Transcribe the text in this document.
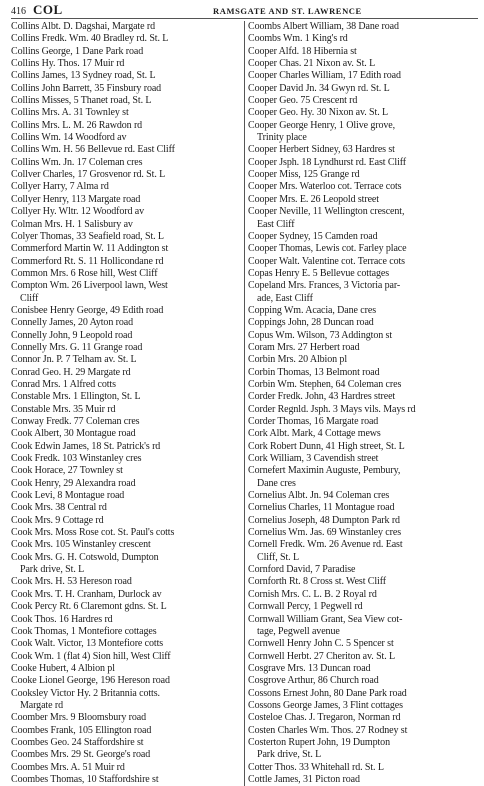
416 COL	RAMSGATE AND ST. LAWRENCE
Collins Albt. D. Dagshai, Margate rd
Collins Fredk. Wm. 40 Bradley rd. St. L
Collins George, 1 Dane Park road
Collins Hy. Thos. 17 Muir rd
Collins James, 13 Sydney road, St. L
Collins John Barrett, 35 Finsbury road
Collins Misses, 5 Thanet road, St. L
Collins Mrs. A. 31 Townley st
Collins Mrs. L. M. 26 Rawdon rd
Collins Wm. 14 Woodford av
Collins Wm. H. 56 Bellevue rd. East Cliff
Collins Wm. Jn. 17 Coleman cres
Collver Charles, 17 Grosvenor rd. St. L
Collyer Harry, 7 Alma rd
Collyer Henry, 113 Margate road
Collyer Hy. Wltr. 12 Woodford av
Colman Mrs. H. 1 Salisbury av
Colyer Thomas, 33 Seafield road, St. L
Commerford Martin W. 11 Addington st
Commerford Rt. S. 11 Hollicondane rd
Common Mrs. 6 Rose hill, West Cliff
Compton Wm. 26 Liverpool lawn, West
Cliff
Conisbee Henry George, 49 Edith road
Connelly James, 20 Ayton road
Connelly John, 9 Leopold road
Connelly Mrs. G. 11 Grange road
Connor Jn. P. 7 Telham av. St. L
Conrad Geo. H. 29 Margate rd
Conrad Mrs. 1 Alfred cotts
Constable Mrs. 1 Ellington, St. L
Constable Mrs. 35 Muir rd
Conway Fredk. 77 Coleman cres
Cook Albert, 30 Montague road
Cook Edwin James, 18 St. Patrick's rd
Cook Fredk. 103 Winstanley cres
Cook Horace, 27 Townley st
Cook Henry, 29 Alexandra road
Cook Levi, 8 Montague road
Cook Mrs. 38 Central rd
Cook Mrs. 9 Cottage rd
Cook Mrs. Moss Rose cot. St. Paul's cotts
Cook Mrs. 105 Winstanley crescent
Cook Mrs. G. H. Cotswold, Dumpton
Park drive, St. L
Cook Mrs. H. 53 Hereson road
Cook Mrs. T. H. Cranham, Durlock av
Cook Percy Rt. 6 Claremont gdns. St. L
Cook Thos. 16 Hardres rd
Cook Thomas, 1 Montefiore cottages
Cook Walt. Victor, 13 Montefiore cotts
Cook Wm. 1 (flat 4) Sion hill, West Cliff
Cooke Hubert, 4 Albion pl
Cooke Lionel George, 196 Hereson road
Cooksley Victor Hy. 2 Britannia cotts.
Margate rd
Coomber Mrs. 9 Bloomsbury road
Coombes Frank, 105 Ellington road
Coombes Geo. 24 Staffordshire st
Coombes Mrs. 29 St. George's road
Coombes Mrs. A. 51 Muir rd
Coombes Thomas, 10 Staffordshire st
Coombs Albert William, 38 Dane road
Coombs Wm. 1 King's rd
Cooper Alfd. 18 Hibernia st
Cooper Chas. 21 Nixon av. St. L
Cooper Charles William, 17 Edith road
Cooper David Jn. 34 Gwyn rd. St. L
Cooper Geo. 75 Crescent rd
Cooper Geo. Hy. 30 Nixon av. St. L
Cooper George Henry, 1 Olive grove,
Trinity place
Cooper Herbert Sidney, 63 Hardres st
Cooper Jsph. 18 Lyndhurst rd. East Cliff
Cooper Miss, 125 Grange rd
Cooper Mrs. Waterloo cot. Terrace cots
Cooper Mrs. E. 26 Leopold street
Cooper Neville, 11 Wellington crescent,
East Cliff
Cooper Sydney, 15 Camden road
Cooper Thomas, Lewis cot. Farley place
Cooper Walt. Valentine cot. Terrace cots
Copas Henry E. 5 Bellevue cottages
Copeland Mrs. Frances, 3 Victoria par-
ade, East Cliff
Copping Wm. Acacia, Dane cres
Coppings John, 28 Duncan road
Copus Wm. Wilson, 73 Addington st
Coram Mrs. 27 Herbert road
Corbin Mrs. 20 Albion pl
Corbin Thomas, 13 Belmont road
Corbin Wm. Stephen, 64 Coleman cres
Corder Fredk. John, 43 Hardres street
Corder Regnld. Jsph. 3 Mays vils. Mays rd
Corder Thomas, 16 Margate road
Cork Albt. Mark, 4 Cottage mews
Cork Robert Dunn, 41 High street, St. L
Cork William, 3 Cavendish street
Cornefert Maximin Auguste, Pembury,
Dane cres
Cornelius Albt. Jn. 94 Coleman cres
Cornelius Charles, 11 Montague road
Cornelius Joseph, 48 Dumpton Park rd
Cornelius Wm. Jas. 69 Winstanley cres
Cornell Fredk. Wm. 26 Avenue rd. East
Cliff, St. L
Cornford David, 7 Paradise
Cornforth Rt. 8 Cross st. West Cliff
Cornish Mrs. C. L. B. 2 Royal rd
Cornwall Percy, 1 Pegwell rd
Cornwall William Grant, Sea View cot-
tage, Pegwell avenue
Cornwell Henry John C. 5 Spencer st
Cornwell Herbt. 27 Cheriton av. St. L
Cosgrave Mrs. 13 Duncan road
Cosgrove Arthur, 86 Church road
Cossons Ernest John, 80 Dane Park road
Cossons George James, 3 Flint cottages
Costeloe Chas. J. Tregaron, Norman rd
Costen Charles Wm. Thos. 27 Rodney st
Costerton Rupert John, 19 Dumpton
Park drive, St. L
Cotter Thos. 33 Whitehall rd. St. L
Cottle James, 31 Picton road
